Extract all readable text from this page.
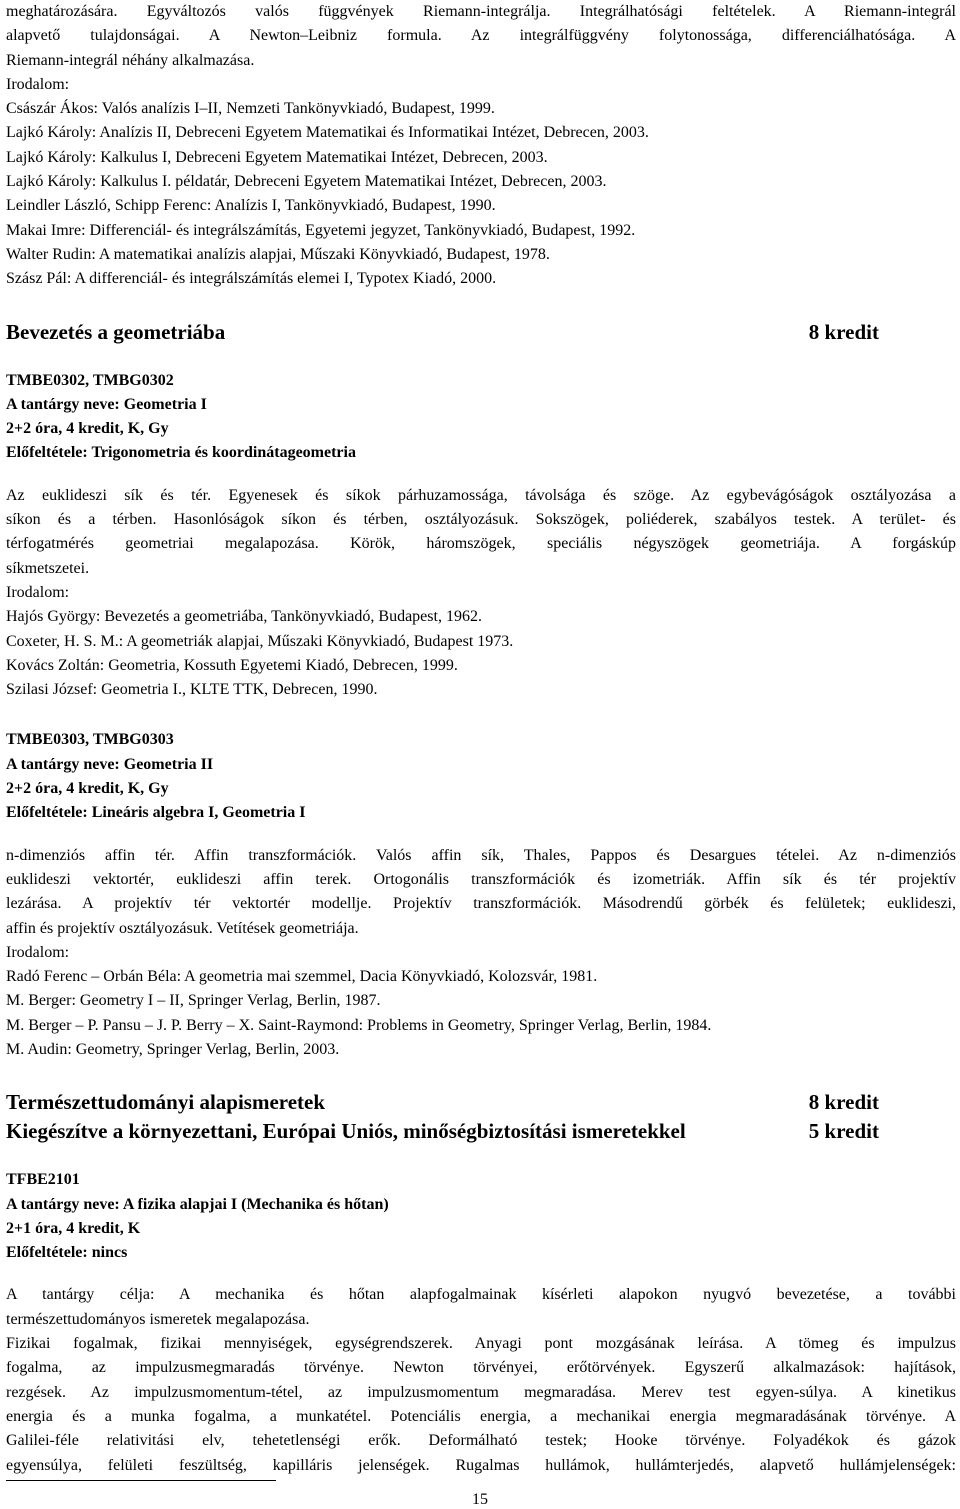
meghatározására. Egyváltozós valós függvények Riemann-integrálja. Integrálhatósági feltételek. A Riemann-integrál
alapvető tulajdonságai. A Newton–Leibniz formula. Az integrálfüggvény folytonossága, differenciálhatósága. A
Riemann-integrál néhány alkalmazása.
Irodalom:
Császár Ákos: Valós analízis I–II, Nemzeti Tankönyvkiadó, Budapest, 1999.
Lajkó Károly: Analízis II, Debreceni Egyetem Matematikai és Informatikai Intézet, Debrecen, 2003.
Lajkó Károly: Kalkulus I, Debreceni Egyetem Matematikai Intézet, Debrecen, 2003.
Lajkó Károly: Kalkulus I. példatár, Debreceni Egyetem Matematikai Intézet, Debrecen, 2003.
Leindler László, Schipp Ferenc: Analízis I, Tankönyvkiadó, Budapest, 1990.
Makai Imre: Differenciál- és integrálszámítás, Egyetemi jegyzet, Tankönyvkiadó, Budapest, 1992.
Walter Rudin: A matematikai analízis alapjai, Műszaki Könyvkiadó, Budapest, 1978.
Szász Pál: A differenciál- és integrálszámítás elemei I, Typotex Kiadó, 2000.
Bevezetés a geometriába	8 kredit
TMBE0302, TMBG0302
A tantárgy neve: Geometria I
2+2 óra, 4 kredit, K, Gy
Előfeltétele: Trigonometria és koordinátageometria
Az euklideszi sík és tér. Egyenesek és síkok párhuzamossága, távolsága és szöge. Az egybevágóságok osztályozása a
síkon és a térben. Hasonlóságok síkon és térben, osztályozásuk. Sokszögek, poliéderek, szabályos testek. A terület- és
térfogatmérés geometriai megalapozása. Körök, háromszögek, speciális négyszögek geometriája. A forgáskúp
síkmetszetei.
Irodalom:
Hajós György: Bevezetés a geometriába, Tankönyvkiadó, Budapest, 1962.
Coxeter, H. S. M.: A geometriák alapjai, Műszaki Könyvkiadó, Budapest 1973.
Kovács Zoltán: Geometria, Kossuth Egyetemi Kiadó, Debrecen, 1999.
Szilasi József: Geometria I., KLTE TTK, Debrecen, 1990.
TMBE0303, TMBG0303
A tantárgy neve: Geometria II
2+2 óra, 4 kredit, K, Gy
Előfeltétele: Lineáris algebra I, Geometria I
n-dimenziós affin tér. Affin transzformációk. Valós affin sík, Thales, Pappos és Desargues tételei. Az n-dimenziós
euklideszi vektortér, euklideszi affin terek. Ortogonális transzformációk és izometriák. Affin sík és tér projektív
lezárása. A projektív tér vektortér modellje. Projektív transzformációk. Másodrendű görbék és felületek; euklideszi,
affin és projektív osztályozásuk. Vetítések geometriája.
Irodalom:
Radó Ferenc – Orbán Béla: A geometria mai szemmel, Dacia Könyvkiadó, Kolozsvár, 1981.
M. Berger: Geometry I – II, Springer Verlag, Berlin, 1987.
M. Berger – P. Pansu – J. P. Berry – X. Saint-Raymond: Problems in Geometry, Springer Verlag, Berlin, 1984.
M. Audin: Geometry, Springer Verlag, Berlin, 2003.
Természettudományi alapismeretek	8 kredit
Kiegészítve a környezettani, Európai Uniós, minőségbiztosítási ismeretekkel	5 kredit
TFBE2101
A tantárgy neve: A fizika alapjai I (Mechanika és hőtan)
2+1 óra, 4 kredit, K
Előfeltétele: nincs
A tantárgy célja: A mechanika és hőtan alapfogalmainak kísérleti alapokon nyugvó bevezetése, a további
természettudományos ismeretek megalapozása.
Fizikai fogalmak, fizikai mennyiségek, egységrendszerek. Anyagi pont mozgásának leírása. A tömeg és impulzus
fogalma, az impulzusmegmaradás törvénye. Newton törvényei, erőtörvények. Egyszerű alkalmazások: hajítások,
rezgések. Az impulzusmomentum-tétel, az impulzusmomentum megmaradása. Merev test egyen-súlya. A kinetikus
energia és a munka fogalma, a munkatétel. Potenciális energia, a mechanikai energia megmaradásának törvénye. A
Galilei-féle relativitási elv, tehetetlenségi erők. Deformálható testek; Hooke törvénye. Folyadékok és gázok
egyensúlya, felületi feszültség, kapilláris jelenségek. Rugalmas hullámok, hullámterjedés, alapvető hullámjelenségek:
15
